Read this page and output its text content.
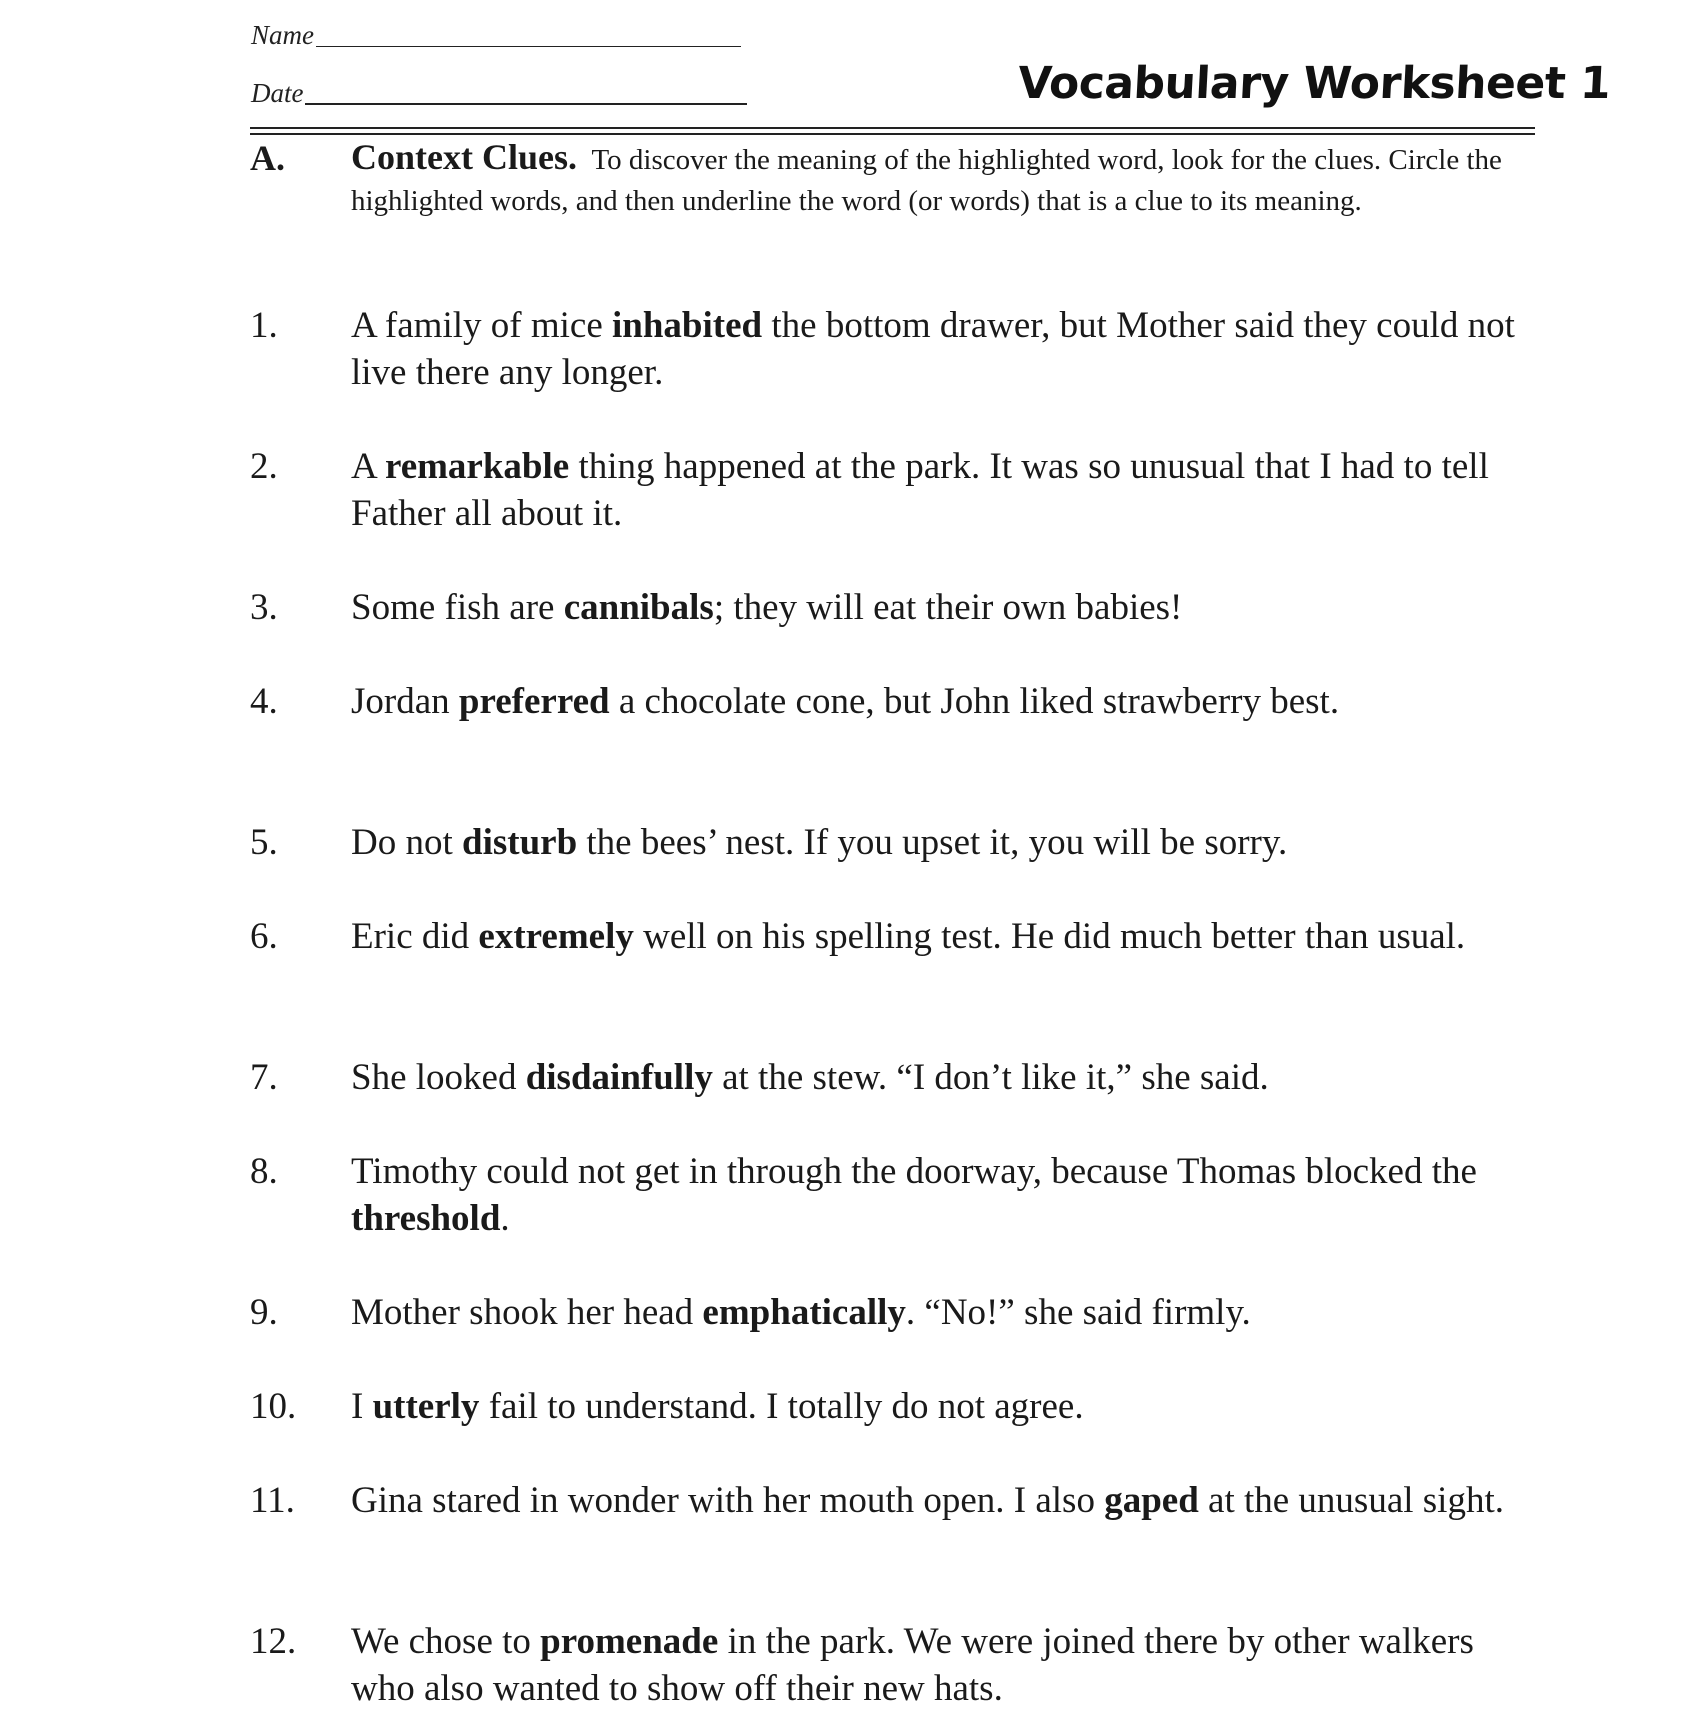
Name
Date	Vocabulary Worksheet 1
A. Context Clues. To discover the meaning of the highlighted word, look for the clues. Circle the highlighted words, and then underline the word (or words) that is a clue to its meaning.
1. A family of mice inhabited the bottom drawer, but Mother said they could not live there any longer.
2. A remarkable thing happened at the park. It was so unusual that I had to tell Father all about it.
3. Some fish are cannibals; they will eat their own babies!
4. Jordan preferred a chocolate cone, but John liked strawberry best.
5. Do not disturb the bees’ nest. If you upset it, you will be sorry.
6. Eric did extremely well on his spelling test. He did much better than usual.
7. She looked disdainfully at the stew. “I don’t like it,” she said.
8. Timothy could not get in through the doorway, because Thomas blocked the threshold.
9. Mother shook her head emphatically. “No!” she said firmly.
10. I utterly fail to understand. I totally do not agree.
11. Gina stared in wonder with her mouth open. I also gaped at the unusual sight.
12. We chose to promenade in the park. We were joined there by other walkers who also wanted to show off their new hats.
